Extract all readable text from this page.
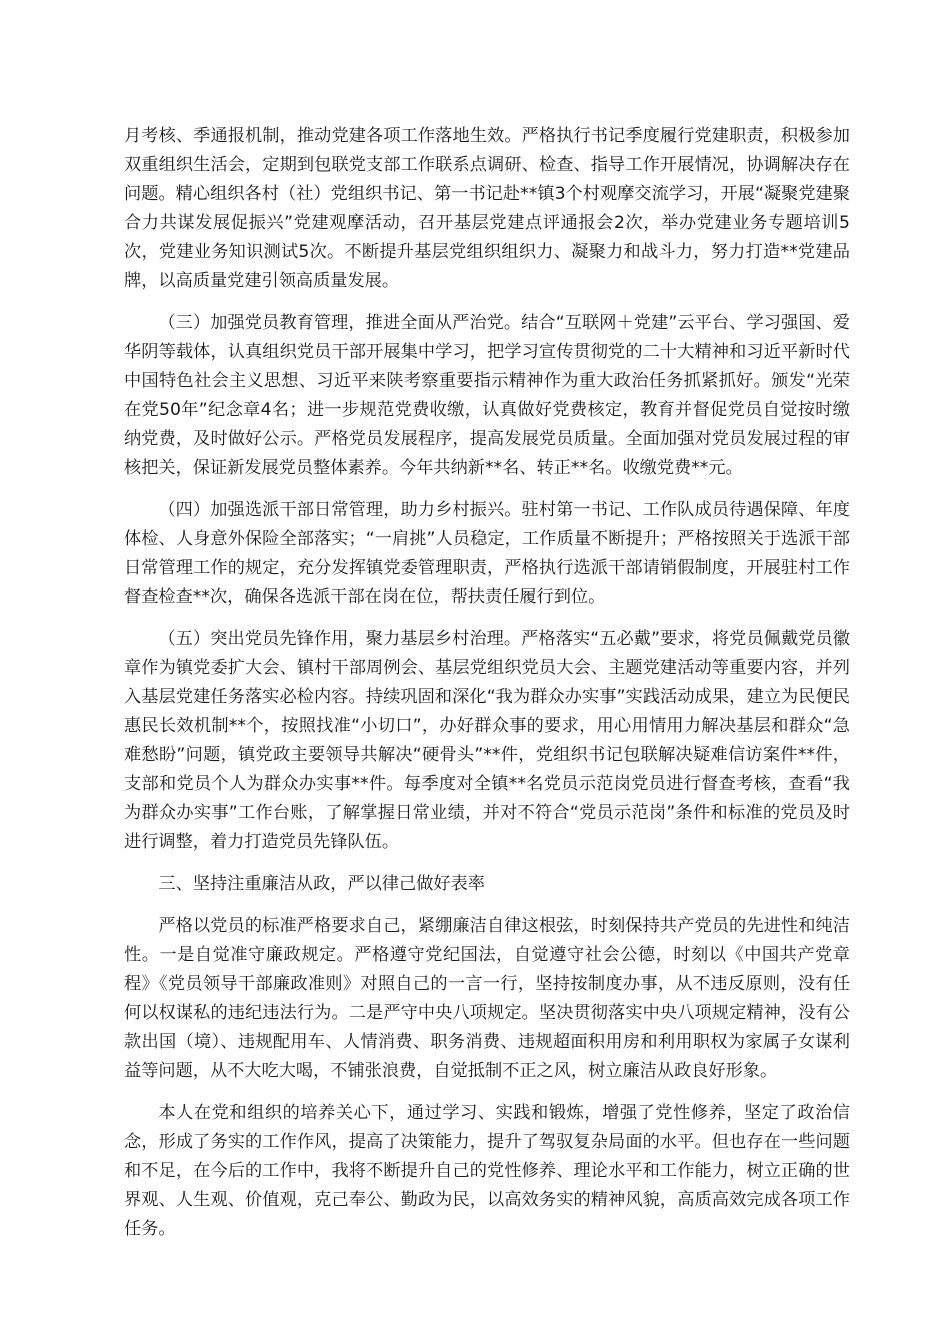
月考核、季通报机制，推动党建各项工作落地生效。严格执行书记季度履行党建职责，积极参加双重组织生活会，定期到包联党支部工作联系点调研、检查、指导工作开展情况，协调解决存在问题。精心组织各村（社）党组织书记、第一书记赴**镇3个村观摩交流学习，开展“凝聚党建聚合力共谋发展促振兴”党建观摩活动，召开基层党建点评通报会2次，举办党建业务专题培训5次，党建业务知识测试5次。不断提升基层党组织组织力、凝聚力和战斗力，努力打造**党建品牌，以高质量党建引领高质量发展。

（三）加强党员教育管理，推进全面从严治党。结合“互联网＋党建”云平台、学习强国、爱华阴等载体，认真组织党员干部开展集中学习，把学习宣传贯彻党的二十大精神和习近平新时代中国特色社会主义思想、习近平来陕考察重要指示精神作为重大政治任务抓紧抓好。颁发“光荣在党50年”纪念章4名；进一步规范党费收缴，认真做好党费核定，教育并督促党员自觉按时缴纳党费，及时做好公示。严格党员发展程序，提高发展党员质量。全面加强对党员发展过程的审核把关，保证新发展党员整体素养。今年共纳新**名、转正**名。收缴党费**元。

（四）加强选派干部日常管理，助力乡村振兴。驻村第一书记、工作队成员待遇保障、年度体检、人身意外保险全部落实；“一肩挑”人员稳定，工作质量不断提升；严格按照关于选派干部日常管理工作的规定，充分发挥镇党委管理职责，严格执行选派干部请销假制度，开展驻村工作督查检查**次，确保各选派干部在岗在位，帮扶责任履行到位。

（五）突出党员先锋作用，聚力基层乡村治理。严格落实“五必戴”要求，将党员佩戴党员徽章作为镇党委扩大会、镇村干部周例会、基层党组织党员大会、主题党建活动等重要内容，并列入基层党建任务落实必检内容。持续巩固和深化“我为群众办实事”实践活动成果，建立为民便民惠民长效机制**个，按照找准“小切口”，办好群众事的要求，用心用情用力解决基层和群众“急难愁盼”问题，镇党政主要领导共解决“硬骨头”**件，党组织书记包联解决疑难信访案件**件，支部和党员个人为群众办实事**件。每季度对全镇**名党员示范岗党员进行督查考核，查看“我为群众办实事”工作台账，了解掌握日常业绩，并对不符合“党员示范岗”条件和标准的党员及时进行调整，着力打造党员先锋队伍。

三、坚持注重廉洁从政，严以律己做好表率

严格以党员的标准严格要求自己，紧绷廉洁自律这根弦，时刻保持共产党员的先进性和纯洁性。一是自觉准守廉政规定。严格遵守党纪国法，自觉遵守社会公德，时刻以《中国共产党章程》《党员领导干部廉政准则》对照自己的一言一行，坚持按制度办事，从不违反原则，没有任何以权谋私的违纪违法行为。二是严守中央八项规定。坚决贯彻落实中央八项规定精神，没有公款出国（境）、违规配用车、人情消费、职务消费、违规超面积用房和利用职权为家属子女谋利益等问题，从不大吃大喝，不铺张浪费，自觉抵制不正之风，树立廉洁从政良好形象。

本人在党和组织的培养关心下，通过学习、实践和锻炼，增强了党性修养，坚定了政治信念，形成了务实的工作作风，提高了决策能力，提升了驾驭复杂局面的水平。但也存在一些问题和不足，在今后的工作中，我将不断提升自己的党性修养、理论水平和工作能力，树立正确的世界观、人生观、价值观，克己奉公、勤政为民，以高效务实的精神风貌，高质高效完成各项工作任务。
